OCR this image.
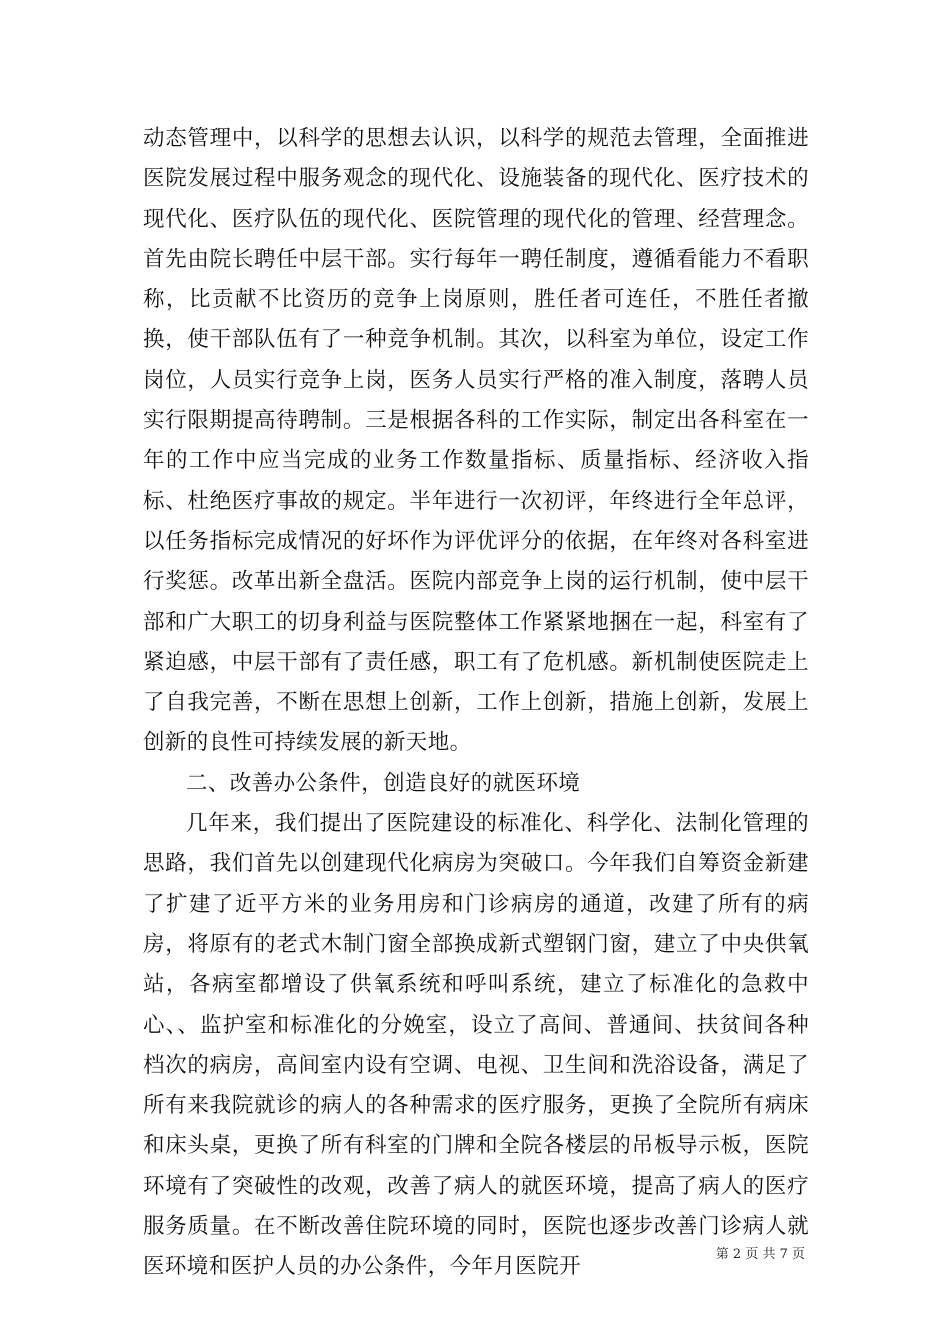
动态管理中，以科学的思想去认识，以科学的规范去管理，全面推进医院发展过程中服务观念的现代化、设施装备的现代化、医疗技术的现代化、医疗队伍的现代化、医院管理的现代化的管理、经营理念。首先由院长聘任中层干部。实行每年一聘任制度，遵循看能力不看职称，比贡献不比资历的竞争上岗原则，胜任者可连任，不胜任者撤换，使干部队伍有了一种竞争机制。其次，以科室为单位，设定工作岗位，人员实行竞争上岗，医务人员实行严格的准入制度，落聘人员实行限期提高待聘制。三是根据各科的工作实际，制定出各科室在一年的工作中应当完成的业务工作数量指标、质量指标、经济收入指标、杜绝医疗事故的规定。半年进行一次初评，年终进行全年总评，以任务指标完成情况的好坏作为评优评分的依据，在年终对各科室进行奖惩。改革出新全盘活。医院内部竞争上岗的运行机制，使中层干部和广大职工的切身利益与医院整体工作紧紧地捆在一起，科室有了紧迫感，中层干部有了责任感，职工有了危机感。新机制使医院走上了自我完善，不断在思想上创新，工作上创新，措施上创新，发展上创新的良性可持续发展的新天地。

二、改善办公条件，创造良好的就医环境

几年来，我们提出了医院建设的标准化、科学化、法制化管理的思路，我们首先以创建现代化病房为突破口。今年我们自筹资金新建了扩建了近平方米的业务用房和门诊病房的通道，改建了所有的病房，将原有的老式木制门窗全部换成新式塑钢门窗，建立了中央供氧站，各病室都增设了供氧系统和呼叫系统，建立了标准化的急救中心、、监护室和标准化的分娩室，设立了高间、普通间、扶贫间各种档次的病房，高间室内设有空调、电视、卫生间和洗浴设备，满足了所有来我院就诊的病人的各种需求的医疗服务，更换了全院所有病床和床头桌，更换了所有科室的门牌和全院各楼层的吊板导示板，医院环境有了突破性的改观，改善了病人的就医环境，提高了病人的医疗服务质量。在不断改善住院环境的同时，医院也逐步改善门诊病人就医环境和医护人员的办公条件，今年月医院开	第 2 页 共 7 页
